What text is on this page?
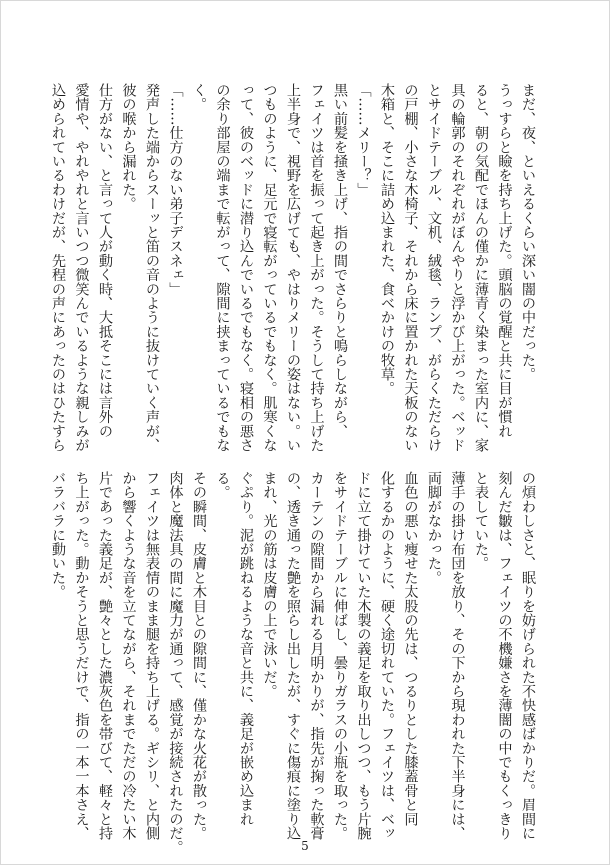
まだ、夜、といえるくらい深い闇の中だった。
うっすらと瞼を持ち上げた。頭脳の覚醒と共に目が慣れ
ると、朝の気配でほんの僅かに薄青く染まった室内に、家
具の輪郭のそれぞれがぼんやりと浮かび上がった。ベッド
とサイドテーブル、文机、絨毯、ランプ、がらくただらけ
の戸棚、小さな木椅子、それから床に置かれた天板のない
木箱と、そこに詰め込まれた、食べかけの牧草。
「……メリー？」
黒い前髪を掻き上げ、指の間でさらりと鳴らしながら、
フェイツは首を振って起き上がった。そうして持ち上げた
上半身で、視野を広げても、やはりメリーの姿はない。い
つものように、足元で寝転がっているでもなく。肌寒くな
って、彼のベッドに潜り込んでいるでもなく。寝相の悪さ
の余り部屋の端まで転がって、隙間に挟まっているでもな
く。
「……仕方のない弟子デスネェ」
発声した端からスーッと笛の音のように抜けていく声が、
彼の喉から漏れた。
仕方がない、と言って人が動く時、大抵そこには言外の
愛情や、やれやれと言いつつ微笑んでいるような親しみが
込められているわけだが、先程の声にあったのはひたすら
の煩わしさと、眠りを妨げられた不快感ばかりだ。眉間に
刻んだ皺は、フェイツの不機嫌さを薄闇の中でもくっきり
と表していた。
薄手の掛け布団を放り、その下から現われた下半身には、
両脚がなかった。
血色の悪い痩せた太股の先は、つるりとした膝蓋骨と同
化するかのように、硬く途切れていた。フェイツは、ベッ
ドに立て掛けていた木製の義足を取り出しつつ、もう片腕
をサイドテーブルに伸ばし、曇りガラスの小瓶を取った。
カーテンの隙間から漏れる月明かりが、指先が掬った軟膏
の、透き通った艶を照らし出したが、すぐに傷痕に塗り込
まれ、光の筋は皮膚の上で泳いだ。
ぐぷり。泥が跳ねるような音と共に、義足が嵌め込まれ
る。
その瞬間、皮膚と木目との隙間に、僅かな火花が散った。
肉体と魔法具の間に魔力が通って、感覚が接続されたのだ。
フェイツは無表情のまま腿を持ち上げる。ギシリ、と内側
から響くような音を立てながら、それまでただの冷たい木
片であった義足が、艶々とした濃灰色を帯びて、軽々と持
ち上がった。動かそうと思うだけで、指の一本一本さえ、
バラバラに動いた。
5
